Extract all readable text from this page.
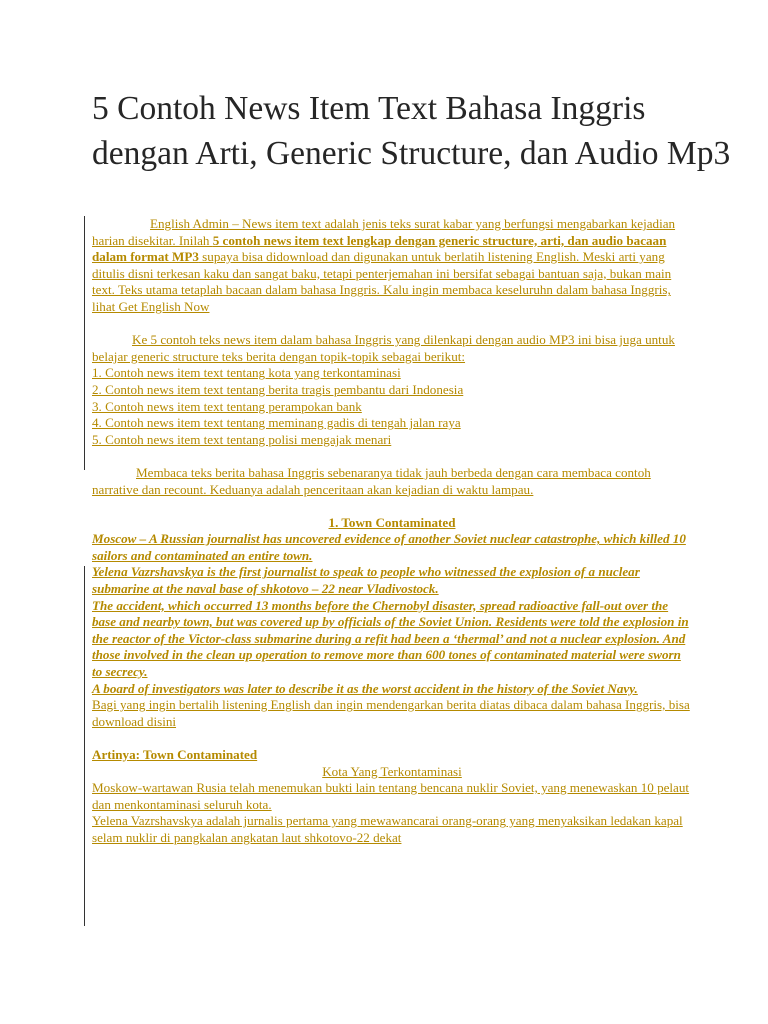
5 Contoh News Item Text Bahasa Inggris dengan Arti, Generic Structure, dan Audio Mp3

English Admin – News item text adalah jenis teks surat kabar yang berfungsi mengabarkan kejadian harian disekitar. Inilah 5 contoh news item text lengkap dengan generic structure, arti, dan audio bacaan dalam format MP3 supaya bisa didownload dan digunakan untuk berlatih listening English. Meski arti yang ditulis disni terkesan kaku dan sangat baku, tetapi penterjemahan ini bersifat sebagai bantuan saja, bukan main text. Teks utama tetaplah bacaan dalam bahasa Inggris. Kalu ingin membaca keseluruhn dalam bahasa Inggris, lihat Get English Now

Ke 5 contoh teks news item dalam bahasa Inggris yang dilenkapi dengan audio MP3 ini bisa juga untuk belajar generic structure teks berita dengan topik-topik sebagai berikut:

1. Contoh news item text tentang kota yang terkontaminasi

2. Contoh news item text tentang berita tragis pembantu dari Indonesia

3. Contoh news item text tentang perampokan bank

4. Contoh news item text tentang meminang gadis di tengah jalan raya

5. Contoh news item text tentang polisi mengajak menari

Membaca teks berita bahasa Inggris sebenaranya tidak jauh berbeda dengan cara membaca contoh narrative dan recount. Keduanya adalah penceritaan akan kejadian di waktu lampau.

1. Town Contaminated

Moscow – A Russian journalist has uncovered evidence of another Soviet nuclear catastrophe, which killed 10 sailors and contaminated an entire town.

Yelena Vazrshavskya is the first journalist to speak to people who witnessed the explosion of a nuclear submarine at the naval base of shkotovo – 22 near Vladivostock.

The accident, which occurred 13 months before the Chernobyl disaster, spread radioactive fall-out over the base and nearby town, but was covered up by officials of the Soviet Union. Residents were told the explosion in the reactor of the Victor-class submarine during a refit had been a ‘thermal’ and not a nuclear explosion. And those involved in the clean up operation to remove more than 600 tones of contaminated material were sworn to secrecy.

A board of investigators was later to describe it as the worst accident in the history of the Soviet Navy.

Bagi yang ingin bertalih listening English dan ingin mendengarkan berita diatas dibaca dalam bahasa Inggris, bisa download disini

Artinya: Town Contaminated

Kota Yang Terkontaminasi

Moskow-wartawan Rusia telah menemukan bukti lain tentang bencana nuklir Soviet, yang menewaskan 10 pelaut dan menkontaminasi seluruh kota.

Yelena Vazrshavskya adalah jurnalis pertama yang mewawancarai orang-orang yang menyaksikan ledakan kapal selam nuklir di pangkalan angkatan laut shkotovo-22 dekat
